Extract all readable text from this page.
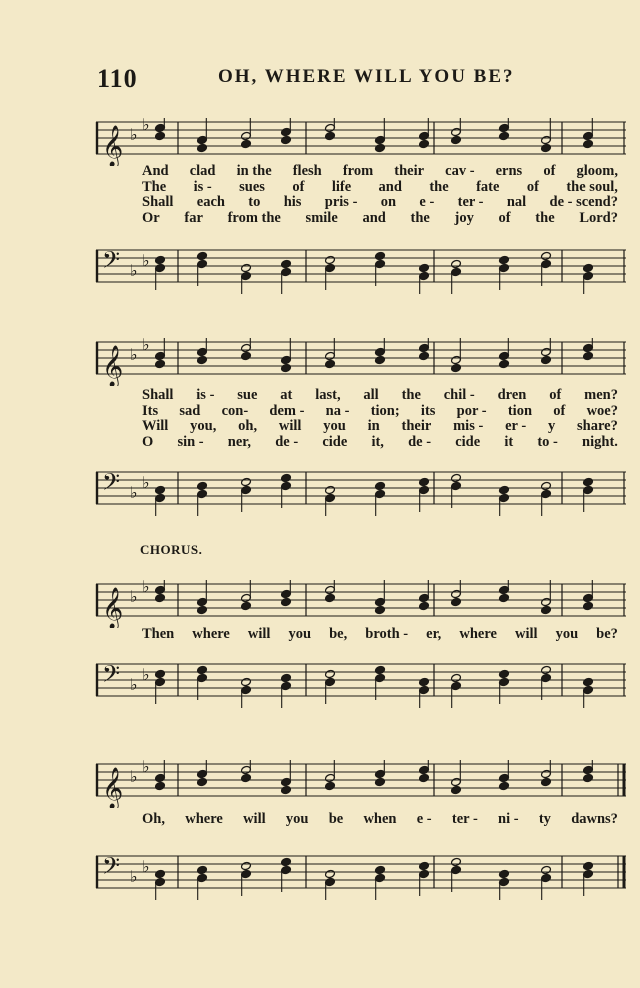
110	OH, WHERE WILL YOU BE?
𝄞 ♭
♭
And clad in the flesh from their cav - erns of gloom,
The is - sues of life and the fate of the soul,
Shall each to his pris - on e - ter - nal de - scend?
Or far from the smile and the joy of the Lord?
𝄢 ♭
♭
𝄞 ♭
♭
Shall is - sue at last, all the chil - dren of men?
Its sad con- dem - na - tion; its por - tion of woe?
Will you, oh, will you in their mis - er - y share?
O sin - ner, de - cide it, de - cide it to - night.
𝄢 ♭
♭
CHORUS.
𝄞 ♭
♭
Then where will you be, broth - er, where will you be?
𝄢 ♭
♭
𝄞 ♭
♭
Oh, where will you be when e - ter - ni - ty dawns?
𝄢 ♭
♭
